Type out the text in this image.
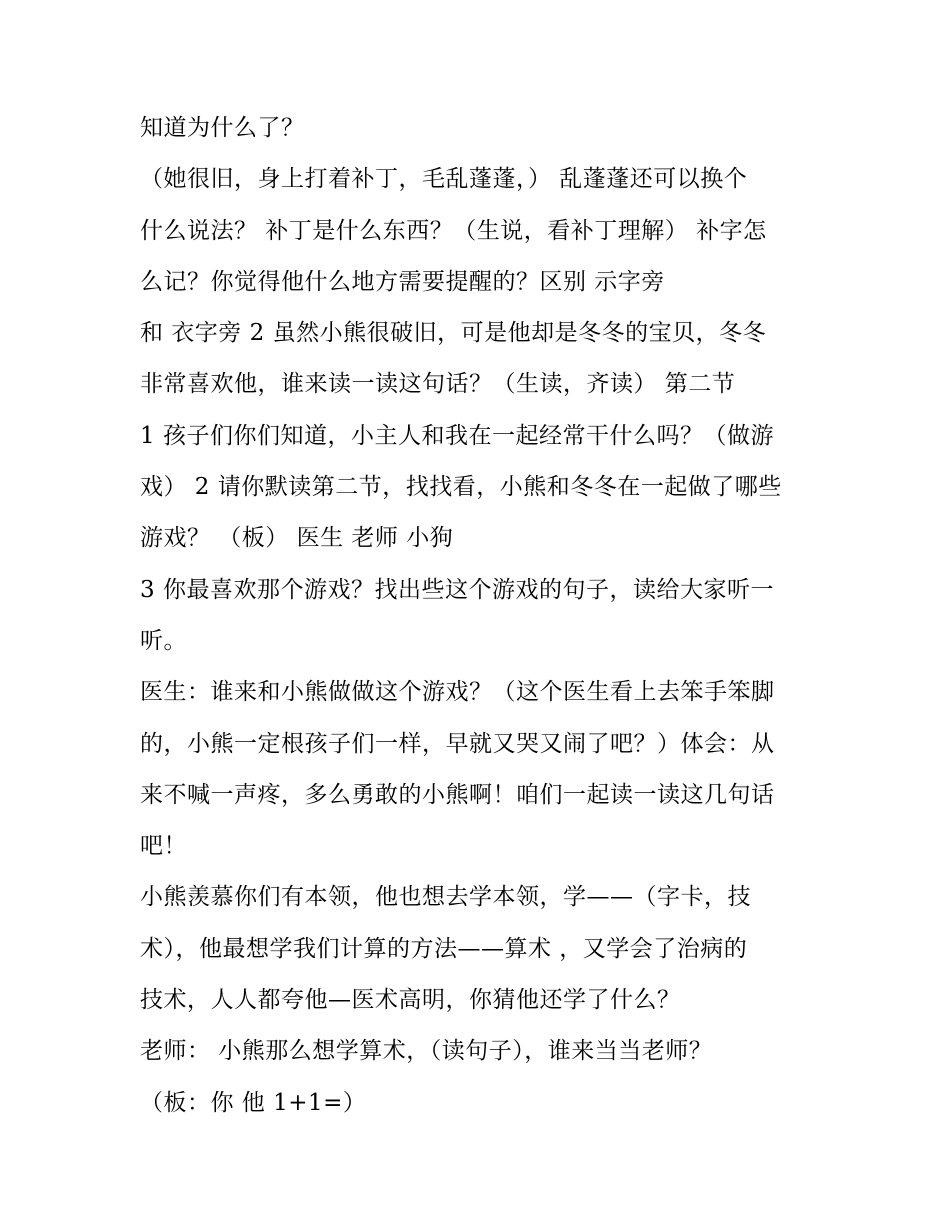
知道为什么了？
（她很旧，身上打着补丁，毛乱蓬蓬，） 乱蓬蓬还可以换个
什么说法？ 补丁是什么东西？（生说，看补丁理解） 补字怎
么记？你觉得他什么地方需要提醒的？区别 示字旁
和 衣字旁 2 虽然小熊很破旧，可是他却是冬冬的宝贝，冬冬
非常喜欢他，谁来读一读这句话？（生读，齐读） 第二节
1 孩子们你们知道，小主人和我在一起经常干什么吗？（做游
戏） 2 请你默读第二节，找找看，小熊和冬冬在一起做了哪些
游戏？ （板） 医生 老师 小狗
3 你最喜欢那个游戏？找出些这个游戏的句子，读给大家听一
听。
医生：谁来和小熊做做这个游戏？（这个医生看上去笨手笨脚
的，小熊一定根孩子们一样，早就又哭又闹了吧？）体会：从
来不喊一声疼，多么勇敢的小熊啊！咱们一起读一读这几句话
吧！
小熊羡慕你们有本领，他也想去学本领，学——（字卡，技
术），他最想学我们计算的方法——算术 ，又学会了治病的
技术，人人都夸他—医术高明，你猜他还学了什么？
老师： 小熊那么想学算术，（读句子），谁来当当老师？
（板：你 他 1+1=）
